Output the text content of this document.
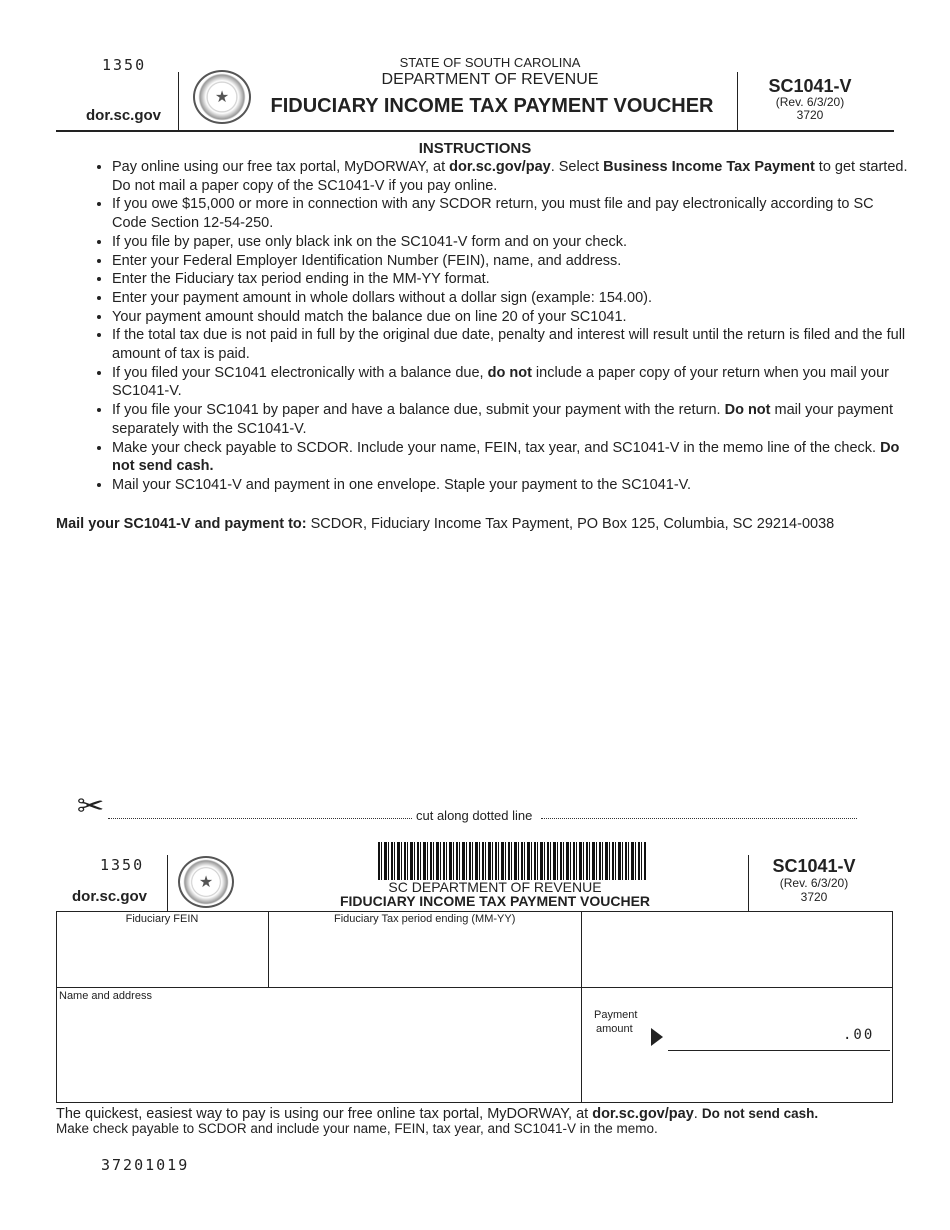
1350
dor.sc.gov
★
STATE OF SOUTH CAROLINA
DEPARTMENT OF REVENUE
FIDUCIARY INCOME TAX PAYMENT VOUCHER
SC1041-V
(Rev. 6/3/20)
3720
INSTRUCTIONS
• Pay online using our free tax portal, MyDORWAY, at dor.sc.gov/pay. Select Business Income Tax Payment to get started. Do not mail a paper copy of the SC1041-V if you pay online.
• If you owe $15,000 or more in connection with any SCDOR return, you must file and pay electronically according to SC Code Section 12-54-250.
• If you file by paper, use only black ink on the SC1041-V form and on your check.
• Enter your Federal Employer Identification Number (FEIN), name, and address.
• Enter the Fiduciary tax period ending in the MM-YY format.
• Enter your payment amount in whole dollars without a dollar sign (example: 154.00).
• Your payment amount should match the balance due on line 20 of your SC1041.
• If the total tax due is not paid in full by the original due date, penalty and interest will result until the return is filed and the full amount of tax is paid.
• If you filed your SC1041 electronically with a balance due, do not include a paper copy of your return when you mail your SC1041-V.
• If you file your SC1041 by paper and have a balance due, submit your payment with the return. Do not mail your payment separately with the SC1041-V.
• Make your check payable to SCDOR. Include your name, FEIN, tax year, and SC1041-V in the memo line of the check. Do not send cash.
• Mail your SC1041-V and payment in one envelope. Staple your payment to the SC1041-V.
Mail your SC1041-V and payment to: SCDOR, Fiduciary Income Tax Payment, PO Box 125, Columbia, SC 29214-0038
✂	cut along dotted line
1350
dor.sc.gov
★	SC DEPARTMENT OF REVENUE
FIDUCIARY INCOME TAX PAYMENT VOUCHER
SC1041-V
(Rev. 6/3/20)
3720
Fiduciary FEIN	Fiduciary Tax period ending (MM-YY)
Name and address
Payment
amount	.00
The quickest, easiest way to pay is using our free online tax portal, MyDORWAY, at dor.sc.gov/pay. Do not send cash.
Make check payable to SCDOR and include your name, FEIN, tax year, and SC1041-V in the memo.
37201019
